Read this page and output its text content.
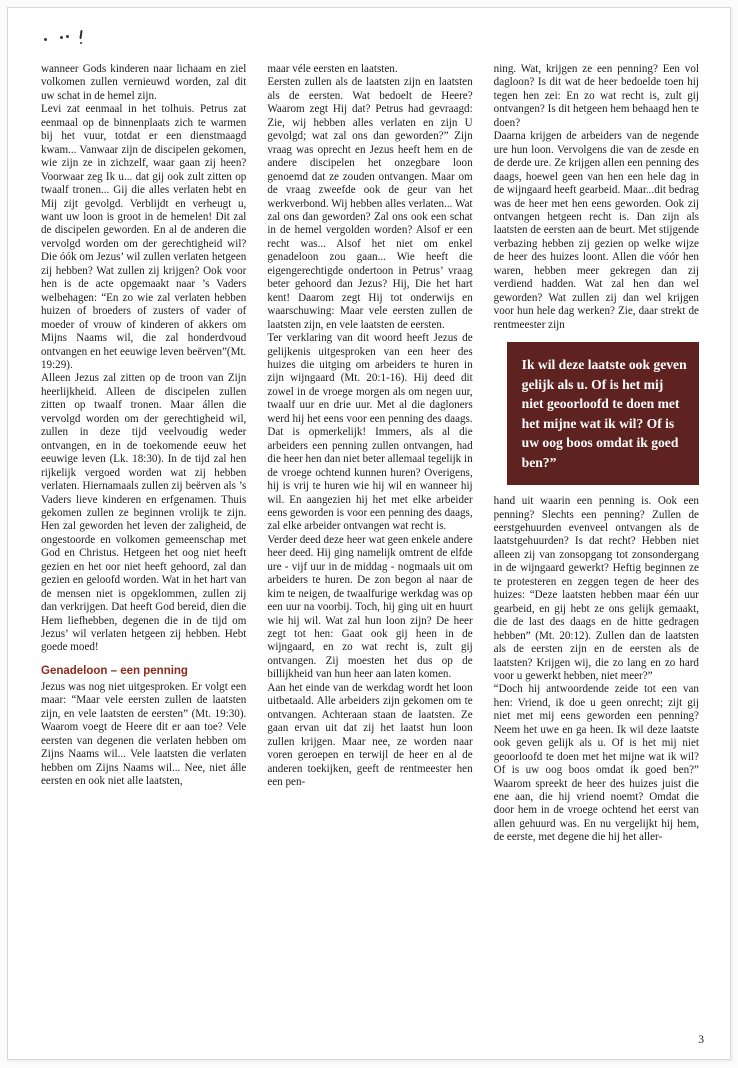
wanneer Gods kinderen naar lichaam en ziel volkomen zullen vernieuwd worden, zal dit uw schat in de hemel zijn.

Levi zat eenmaal in het tolhuis. Petrus zat eenmaal op de binnenplaats zich te warmen bij het vuur, totdat er een dienstmaagd kwam... Vanwaar zijn de discipelen gekomen, wie zijn ze in zichzelf, waar gaan zij heen? Voorwaar zeg Ik u... dat gij ook zult zitten op twaalf tronen... Gij die alles verlaten hebt en Mij zijt gevolgd. Verblijdt en verheugt u, want uw loon is groot in de hemelen! Dit zal de discipelen geworden. En al de anderen die vervolgd worden om der gerechtigheid wil? Die óók om Jezus’ wil zullen verlaten hetgeen zij hebben? Wat zullen zij krijgen? Ook voor hen is de acte opgemaakt naar ’s Vaders welbehagen: “En zo wie zal verlaten hebben huizen of broeders of zusters of vader of moeder of vrouw of kinderen of akkers om Mijns Naams wil, die zal honderdvoud ontvangen en het eeuwige leven beërven”(Mt. 19:29).

Alleen Jezus zal zitten op de troon van Zijn heerlijkheid. Alleen de discipelen zullen zitten op twaalf tronen. Maar állen die vervolgd worden om der gerechtigheid wil, zullen in deze tijd veelvoudig weder ontvangen, en in de toekomende eeuw het eeuwige leven (Lk. 18:30). In de tijd zal hen rijkelijk vergoed worden wat zij hebben verlaten. Hiernamaals zullen zij beërven als ’s Vaders lieve kinderen en erfgenamen. Thuis gekomen zullen ze beginnen vrolijk te zijn. Hen zal geworden het leven der zaligheid, de ongestoorde en volkomen gemeenschap met God en Christus. Hetgeen het oog niet heeft gezien en het oor niet heeft gehoord, zal dan gezien en geloofd worden. Wat in het hart van de mensen niet is opgeklommen, zullen zij dan verkrijgen. Dat heeft God bereid, dien die Hem liefhebben, degenen die in de tijd om Jezus’ wil verlaten hetgeen zij hebben. Hebt goede moed!

Genadeloon – een penning

Jezus was nog niet uitgesproken. Er volgt een maar: “Maar vele eersten zullen de laatsten zijn, en vele laatsten de eersten” (Mt. 19:30). Waarom voegt de Heere dit er aan toe? Vele eersten van degenen die verlaten hebben om Zijns Naams wil... Vele laatsten die verlaten hebben om Zijns Naams wil... Nee, niet álle eersten en ook niet alle laatsten,

maar véle eersten en laatsten.

Eersten zullen als de laatsten zijn en laatsten als de eersten. Wat bedoelt de Heere? Waarom zegt Hij dat? Petrus had gevraagd: Zie, wij hebben alles verlaten en zijn U gevolgd; wat zal ons dan geworden?” Zijn vraag was oprecht en Jezus heeft hem en de andere discipelen het onzegbare loon genoemd dat ze zouden ontvangen. Maar om de vraag zweefde ook de geur van het werkverbond. Wij hebben alles verlaten... Wat zal ons dan geworden? Zal ons ook een schat in de hemel vergolden worden? Alsof er een recht was... Alsof het niet om enkel genadeloon zou gaan... Wie heeft die eigengerechtigde ondertoon in Petrus’ vraag beter gehoord dan Jezus? Hij, Die het hart kent! Daarom zegt Hij tot onderwijs en waarschuwing: Maar vele eersten zullen de laatsten zijn, en vele laatsten de eersten.

Ter verklaring van dit woord heeft Jezus de gelijkenis uitgesproken van een heer des huizes die uitging om arbeiders te huren in zijn wijngaard (Mt. 20:1-16). Hij deed dit zowel in de vroege morgen als om negen uur, twaalf uur en drie uur. Met al die dagloners werd hij het eens voor een penning des daags. Dat is opmerkelijk! Immers, als al die arbeiders een penning zullen ontvangen, had die heer hen dan niet beter allemaal tegelijk in de vroege ochtend kunnen huren? Overigens, hij is vrij te huren wie hij wil en wanneer hij wil. En aangezien hij het met elke arbeider eens geworden is voor een penning des daags, zal elke arbeider ontvangen wat recht is.

Verder deed deze heer wat geen enkele andere heer deed. Hij ging namelijk omtrent de elfde ure - vijf uur in de middag - nogmaals uit om arbeiders te huren. De zon begon al naar de kim te neigen, de twaalfurige werkdag was op een uur na voorbij. Toch, hij ging uit en huurt wie hij wil. Wat zal hun loon zijn? De heer zegt tot hen: Gaat ook gij heen in de wijngaard, en zo wat recht is, zult gij ontvangen. Zij moesten het dus op de billijkheid van hun heer aan laten komen.

Aan het einde van de werkdag wordt het loon uitbetaald. Alle arbeiders zijn gekomen om te ontvangen. Achteraan staan de laatsten. Ze gaan ervan uit dat zij het laatst hun loon zullen krijgen. Maar nee, ze worden naar voren geroepen en terwijl de heer en al de anderen toekijken, geeft de rentmeester hen een pen-

ning. Wat, krijgen ze een penning? Een vol dagloon? Is dit wat de heer bedoelde toen hij tegen hen zei: En zo wat recht is, zult gij ontvangen? Is dit hetgeen hem behaagd hen te doen?

Daarna krijgen de arbeiders van de negende ure hun loon. Vervolgens die van de zesde en de derde ure. Ze krijgen allen een penning des daags, hoewel geen van hen een hele dag in de wijngaard heeft gearbeid. Maar...dit bedrag was de heer met hen eens geworden. Ook zij ontvangen hetgeen recht is. Dan zijn als laatsten de eersten aan de beurt. Met stijgende verbazing hebben zij gezien op welke wijze de heer des huizes loont. Allen die vóór hen waren, hebben meer gekregen dan zij verdiend hadden. Wat zal hen dan wel geworden? Wat zullen zij dan wel krijgen voor hun hele dag werken? Zie, daar strekt de rentmeester zijn

Ik wil deze laatste ook geven gelijk als u. Of is het mij niet geoorloofd te doen met het mijne wat ik wil? Of is uw oog boos omdat ik goed ben?”

hand uit waarin een penning is. Ook een penning? Slechts een penning? Zullen de eerstgehuurden evenveel ontvangen als de laatstgehuurden? Is dat recht? Hebben niet alleen zij van zonsopgang tot zonsondergang in de wijngaard gewerkt? Heftig beginnen ze te protesteren en zeggen tegen de heer des huizes: “Deze laatsten hebben maar één uur gearbeid, en gij hebt ze ons gelijk gemaakt, die de last des daags en de hitte gedragen hebben” (Mt. 20:12). Zullen dan de laatsten als de eersten zijn en de eersten als de laatsten? Krijgen wij, die zo lang en zo hard voor u gewerkt hebben, niet meer?”

“Doch hij antwoordende zeide tot een van hen: Vriend, ik doe u geen onrecht; zijt gij niet met mij eens geworden een penning? Neem het uwe en ga heen. Ik wil deze laatste ook geven gelijk als u. Of is het mij niet geoorloofd te doen met het mijne wat ik wil? Of is uw oog boos omdat ik goed ben?” Waarom spreekt de heer des huizes juist die ene aan, die hij vriend noemt? Omdat die door hem in de vroege ochtend het eerst van allen gehuurd was. En nu vergelijkt hij hem, de eerste, met degene die hij het aller-

3
